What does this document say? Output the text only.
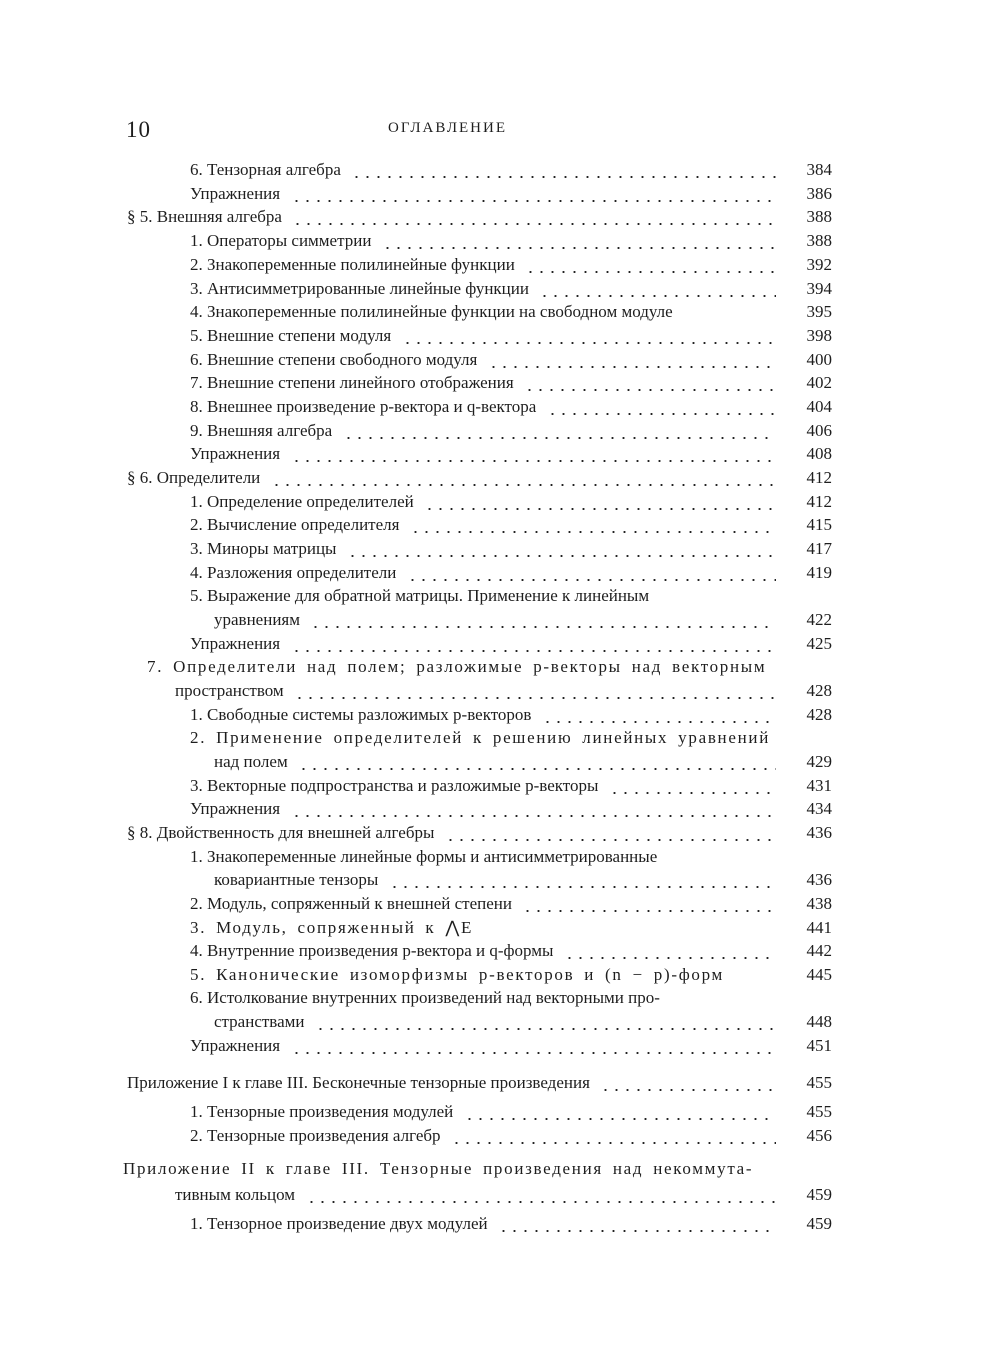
10	ОГЛАВЛЕНИЕ
6. Тензорная алгебра	384
Упражнения	386
§ 5. Внешняя алгебра	388
1. Операторы симметрии	388
2. Знакопеременные полилинейные функции	392
3. Антисимметрированные линейные функции	394
4. Знакопеременные полилинейные функции на свободном модуле	395
5. Внешние степени модуля	398
6. Внешние степени свободного модуля	400
7. Внешние степени линейного отображения	402
8. Внешнее произведение p-вектора и q-вектора	404
9. Внешняя алгебра	406
Упражнения	408
§ 6. Определители	412
1. Определение определителей	412
2. Вычисление определителя	415
3. Миноры матрицы	417
4. Разложения определители	419
5. Выражение для обратной матрицы. Применение к линейным
уравнениям	422
Упражнения	425
7. Определители над полем; разложимые p-векторы над векторным
пространством	428
1. Свободные системы разложимых p-векторов	428
2. Применение определителей к решению линейных уравнений
над полем	429
3. Векторные подпространства и разложимые p-векторы	431
Упражнения	434
§ 8. Двойственность для внешней алгебры	436
1. Знакопеременные линейные формы и антисимметрированные
ковариантные тензоры	436
2. Модуль, сопряженный к внешней степени	438
3. Модуль, сопряженный к ⋀E	441
4. Внутренние произведения p-вектора и q-формы	442
5. Канонические изоморфизмы p-векторов и (n − p)-форм	445
6. Истолкование внутренних произведений над векторными про-
странствами	448
Упражнения	451
Приложение I к главе III. Бесконечные тензорные произведения	455
1. Тензорные произведения модулей	455
2. Тензорные произведения алгебр	456
Приложение II к главе III. Тензорные произведения над некоммута-
тивным кольцом	459
1. Тензорное произведение двух модулей	459
